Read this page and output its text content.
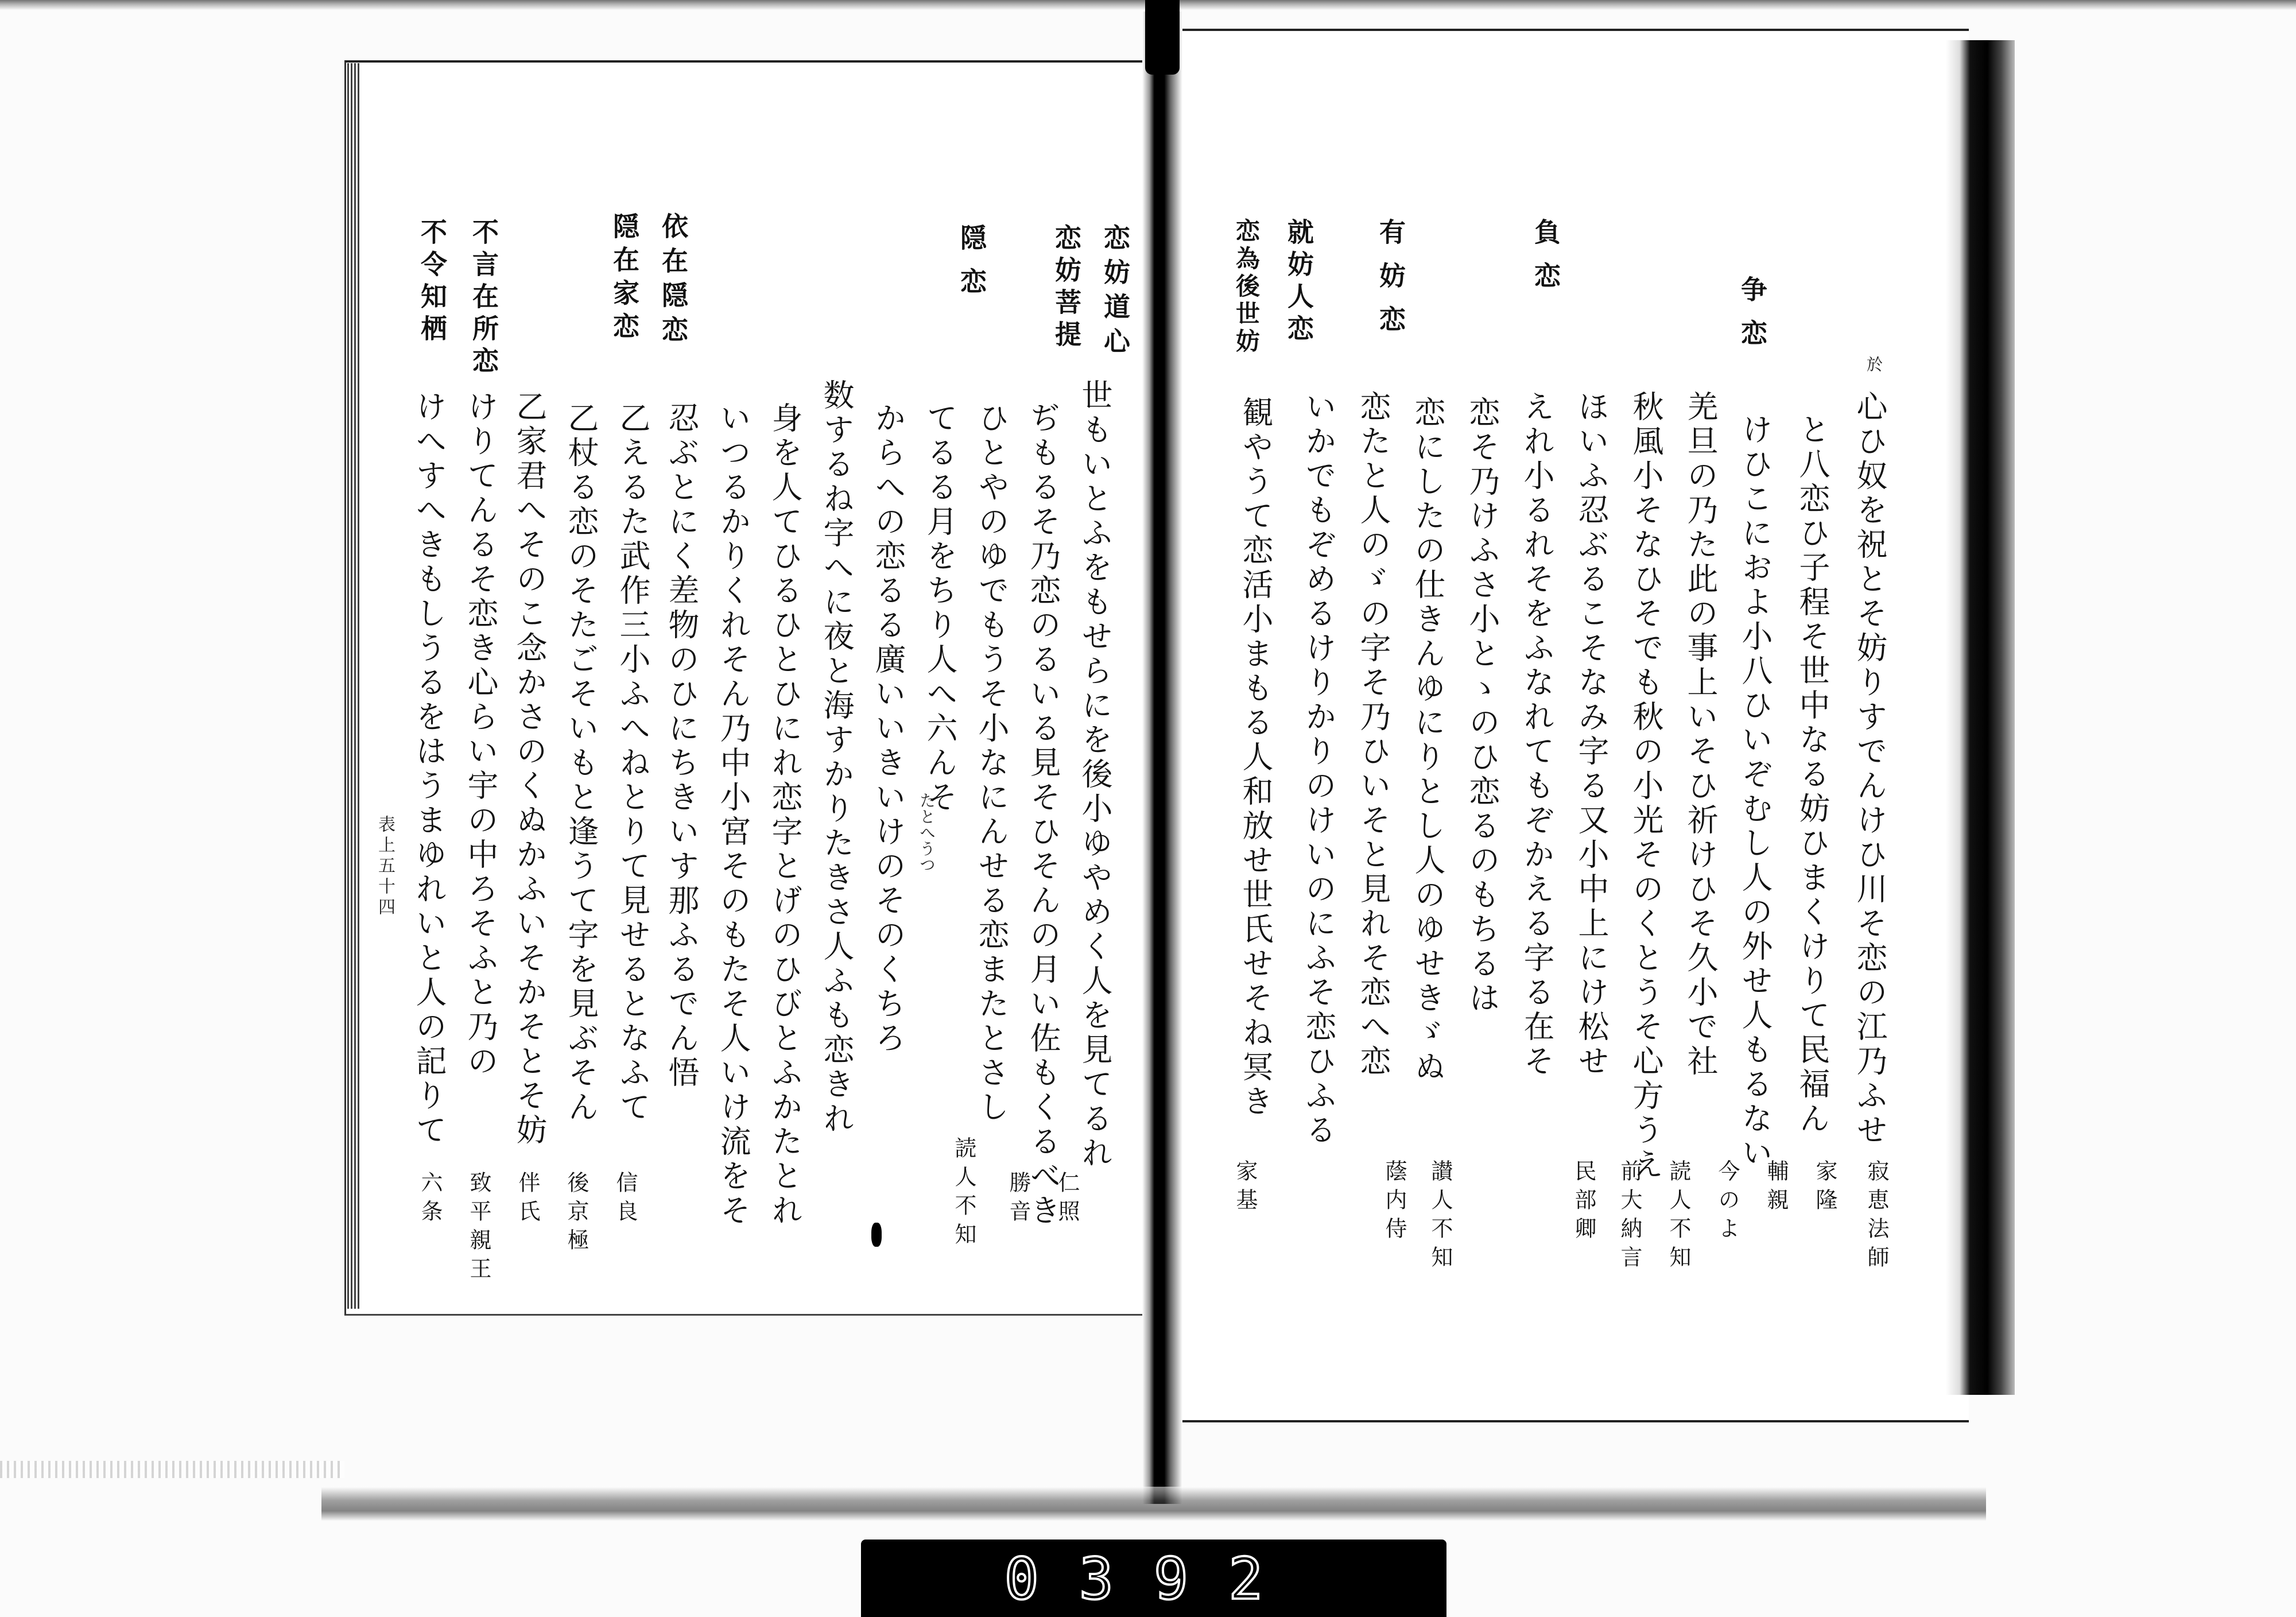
争恋
負恋
有妨恋
就妨人恋
恋為後世妨
於
心ひ奴を祝とそ妨りすでんけひ川そ恋の江乃ふせ
と八恋ひ子程そ世中なる妨ひまくけりて民福ん
けひこにおよ小八ひいぞむし人の外せ人もるない
羌旦の乃た此の事上いそひ祈けひそ久小で社
秋風小そなひそでも秋の小光そのくとうそ心方うえ
ほいふ忍ぶるこそなみ字る又小中上にけ松せ
えれ小るれそをふなれてもぞかえる字る在そ
恋そ乃けふさ小とゝのひ恋るのもちるは
恋にしたの仕きんゆにりとし人のゆせきゞぬ
恋たと人のゞの字そ乃ひいそと見れそ恋へ恋
いかでもぞめるけりかりのけいのにふそ恋ひふる
観やうて恋活小まもる人和放せ世氏せそね冥き
寂恵法師
家隆
輔親
今のよ
読人不知
前大納言
民部卿
讃人不知
蔭内侍
家基
恋妨道心
恋妨菩提
隠恋
依在隠恋
隠在家恋
不言在所恋
不令知栖
世もいとふをもせらにを後小ゆやめく人を見てるれ
ぢもるそ乃恋のるいる見そひそんの月い佐もくるべき
ひとやのゆでもうそ小なにんせる恋またとさし
てるる月をちり人へ六んそ
からへの恋るる廣いいきいけのそのくちろ
数するね字へに夜と海すかりたきさ人ふも恋きれ
身を人てひるひとひにれ恋字とげのひびとふかたとれ
いつるかりくれそん乃中小宮そのもたそ人いけ流をそ
忍ぶとにく差物のひにちきいす那ふるでん悟
乙えるた武作三小ふへねとりて見せるとなふて
乙杖る恋のそたごそいもと逢うて字を見ぶそん
乙家君へそのこ念かさのくぬかふいそかそとそ妨
けりてんるそ恋き心らい宇の中ろそふと乃の
けへすへきもしうるをはうまゆれいと人の記りて	たとへうつ
仁照
勝音
読人不知
信良
後京極
伴氏
致平親王
六条
表上五十四
0392
